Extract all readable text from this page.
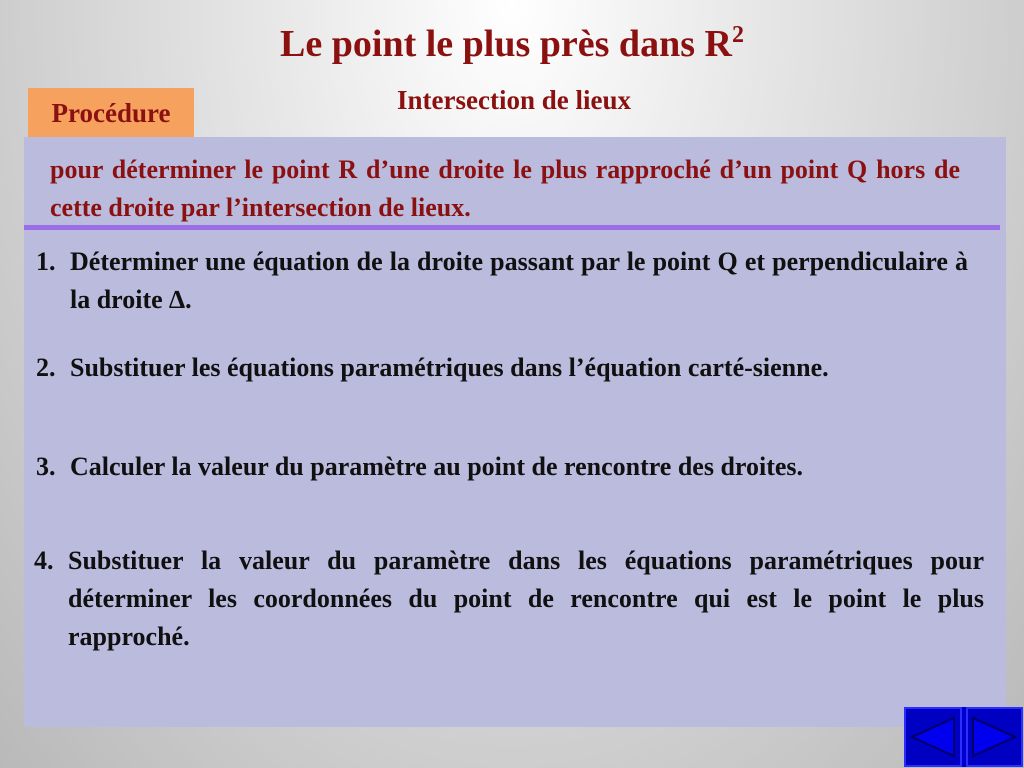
Le point le plus près dans $R^2$
Intersection de lieux
Procédure
pour déterminer le point R d’une droite le plus rapproché d’un point Q hors de cette droite par l’intersection de lieux.
1. Déterminer une équation de la droite passant par le point Q et perpendiculaire à la droite ∆.
2. Substituer les équations paramétriques dans l’équation carté-sienne.
3. Calculer la valeur du paramètre au point de rencontre des droites.
4. Substituer la valeur du paramètre dans les équations paramétriques pour déterminer les coordonnées du point de rencontre qui est le point le plus rapproché.
